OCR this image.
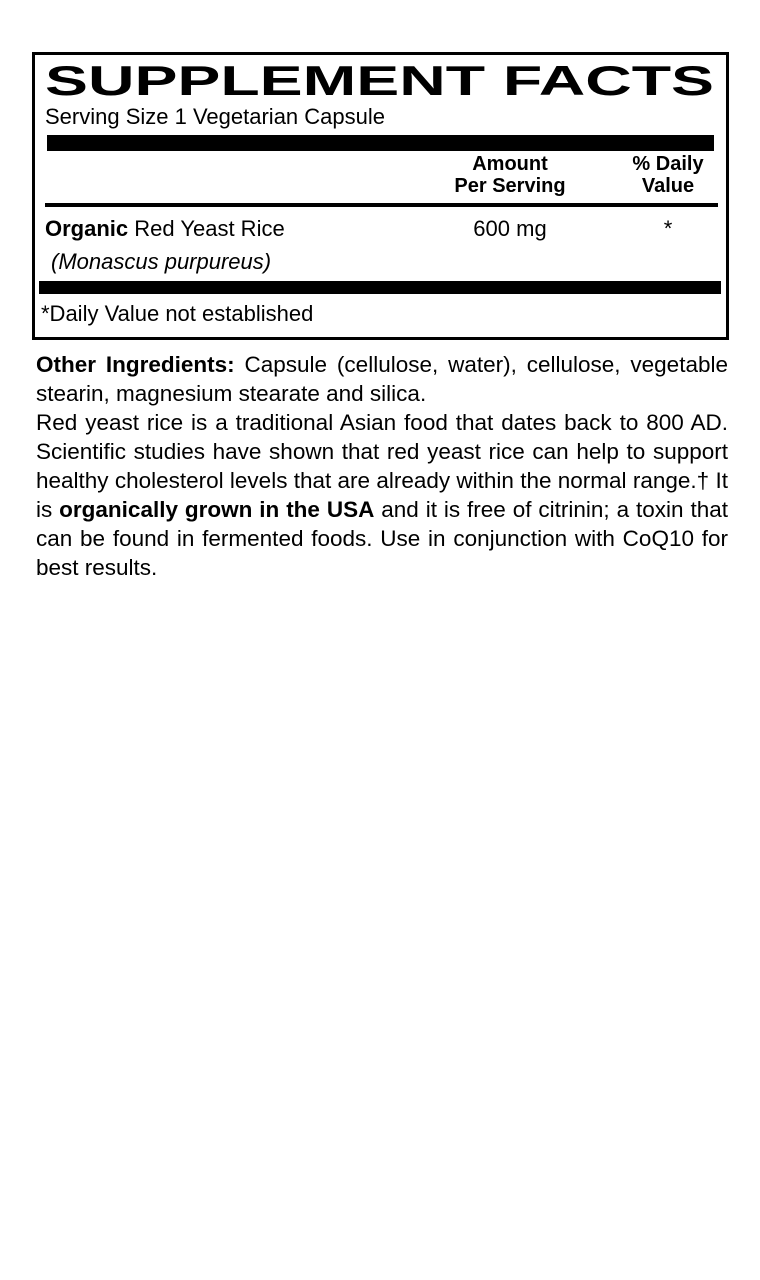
SUPPLEMENT FACTS
Serving Size 1 Vegetarian Capsule
Amount
Per Serving
% Daily
Value
Organic Red Yeast Rice	600 mg	*
(Monascus purpureus)
*Daily Value not established

Other Ingredients: Capsule (cellulose, water), cellulose, vegetable stearin, magnesium stearate and silica.

Red yeast rice is a traditional Asian food that dates back to 800 AD. Scientific studies have shown that red yeast rice can help to support healthy cholesterol levels that are already within the normal range.† It is organically grown in the USA and it is free of citrinin; a toxin that can be found in fermented foods. Use in conjunction with CoQ10 for best results.
